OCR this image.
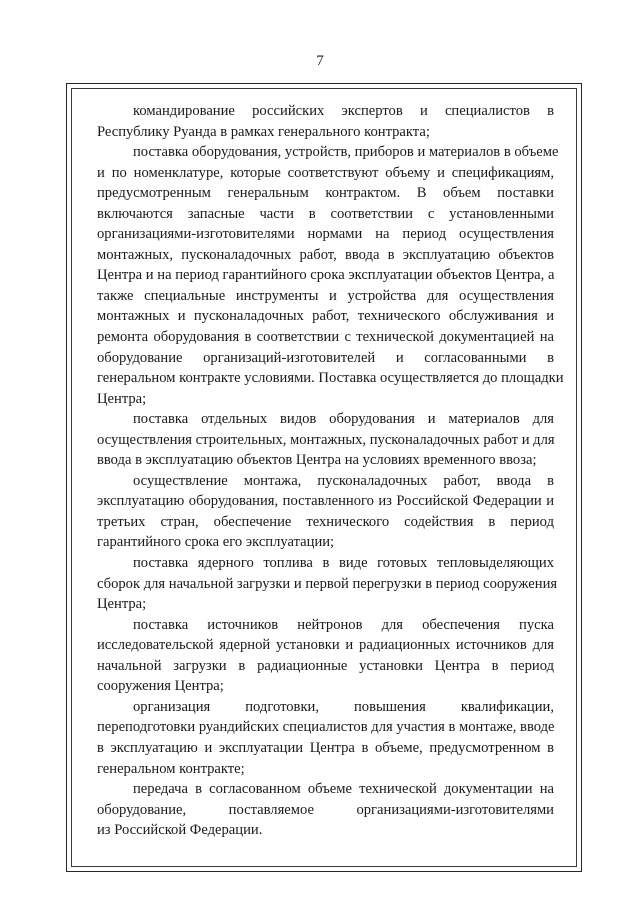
7

командирование российских экспертов и специалистов в
Республику Руанда в рамках генерального контракта;

поставка оборудования, устройств, приборов и материалов в объеме
и по номенклатуре, которые соответствуют объему и спецификациям,
предусмотренным генеральным контрактом. В объем поставки
включаются запасные части в соответствии с установленными
организациями-изготовителями нормами на период осуществления
монтажных, пусконаладочных работ, ввода в эксплуатацию объектов
Центра и на период гарантийного срока эксплуатации объектов Центра, а
также специальные инструменты и устройства для осуществления
монтажных и пусконаладочных работ, технического обслуживания и
ремонта оборудования в соответствии с технической документацией на
оборудование организаций-изготовителей и согласованными в
генеральном контракте условиями. Поставка осуществляется до площадки
Центра;

поставка отдельных видов оборудования и материалов для
осуществления строительных, монтажных, пусконаладочных работ и для
ввода в эксплуатацию объектов Центра на условиях временного ввоза;

осуществление монтажа, пусконаладочных работ, ввода в
эксплуатацию оборудования, поставленного из Российской Федерации и
третьих стран, обеспечение технического содействия в период
гарантийного срока его эксплуатации;

поставка ядерного топлива в виде готовых тепловыделяющих
сборок для начальной загрузки и первой перегрузки в период сооружения
Центра;

поставка источников нейтронов для обеспечения пуска
исследовательской ядерной установки и радиационных источников для
начальной загрузки в радиационные установки Центра в период
сооружения Центра;

организация подготовки, повышения квалификации,
переподготовки руандийских специалистов для участия в монтаже, вводе
в эксплуатацию и эксплуатации Центра в объеме, предусмотренном в
генеральном контракте;

передача в согласованном объеме технической документации на
оборудование, поставляемое организациями-изготовителями
из Российской Федерации.
